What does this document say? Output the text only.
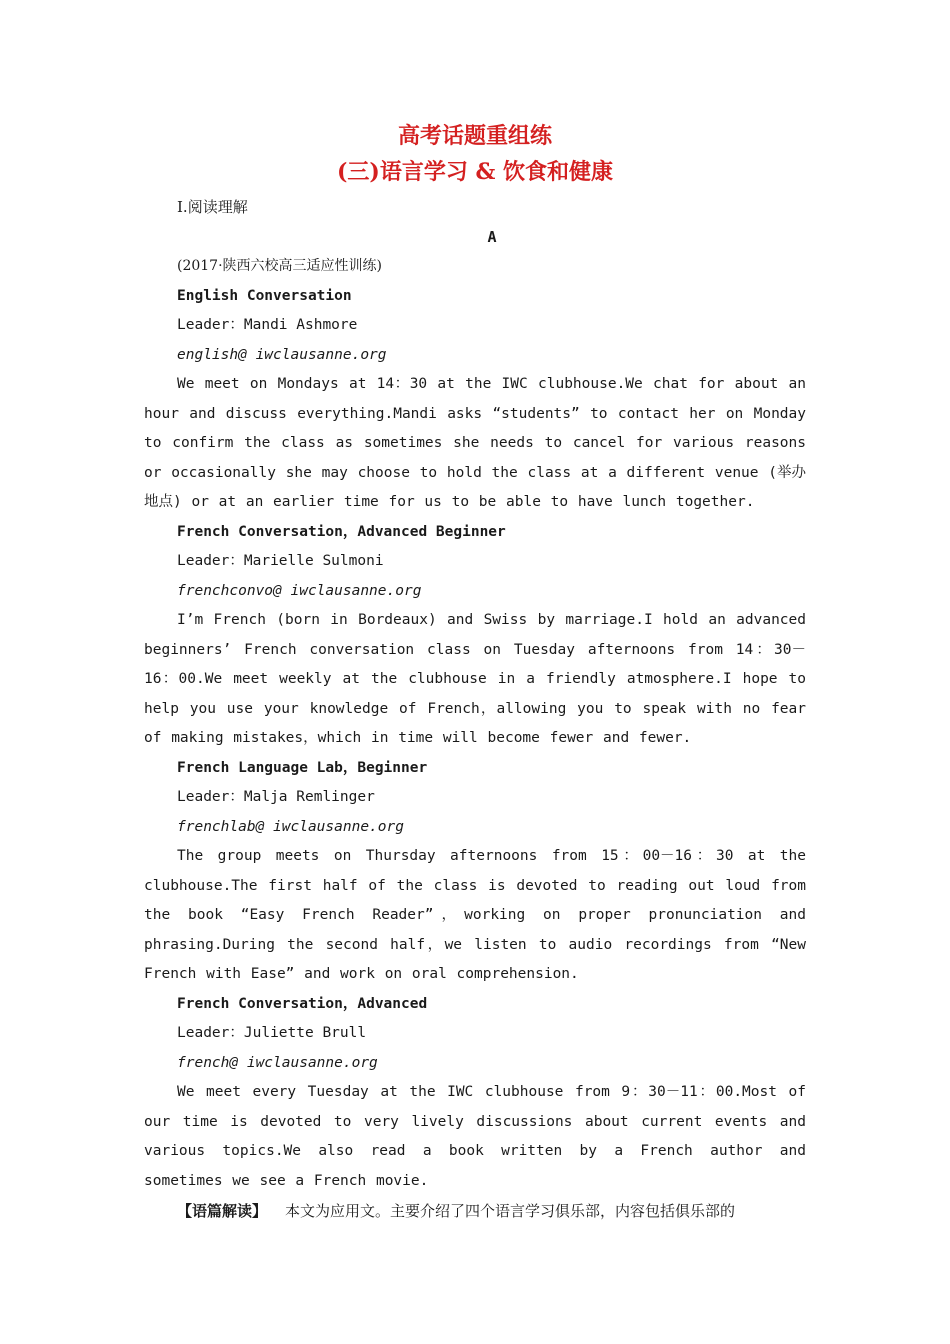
高考话题重组练
(三)语言学习 & 饮食和健康

Ⅰ.阅读理解

A

(2017·陕西六校高三适应性训练)

English Conversation

Leader：Mandi Ashmore

english@ iwclausanne.org

We meet on Mondays at 14：30 at the IWC clubhouse.We chat for about an hour and discuss everything.Mandi asks “students” to contact her on Monday to confirm the class as sometimes she needs to cancel for various reasons or occasionally she may choose to hold the class at a different venue (举办地点) or at an earlier time for us to be able to have lunch together.

French Conversation，Advanced Beginner

Leader：Marielle Sulmoni

frenchconvo@ iwclausanne.org

I’m French (born in Bordeaux) and Swiss by marriage.I hold an advanced beginners’ French conversation class on Tuesday afternoons from 14：30－16：00.We meet weekly at the clubhouse in a friendly atmosphere.I hope to help you use your knowledge of French，allowing you to speak with no fear of making mistakes，which in time will become fewer and fewer.

French Language Lab，Beginner

Leader：Malja Remlinger

frenchlab@ iwclausanne.org

The group meets on Thursday afternoons from 15：00－16：30 at the clubhouse.The first half of the class is devoted to reading out loud from the book “Easy French Reader”，working on proper pronunciation and phrasing.During the second half，we listen to audio recordings from “New French with Ease” and work on oral comprehension.

French Conversation，Advanced

Leader：Juliette Brull

french@ iwclausanne.org

We meet every Tuesday at the IWC clubhouse from 9：30－11：00.Most of our time is devoted to very lively discussions about current events and various topics.We also read a book written by a French author and sometimes we see a French movie.

【语篇解读】 本文为应用文。主要介绍了四个语言学习俱乐部，内容包括俱乐部的
